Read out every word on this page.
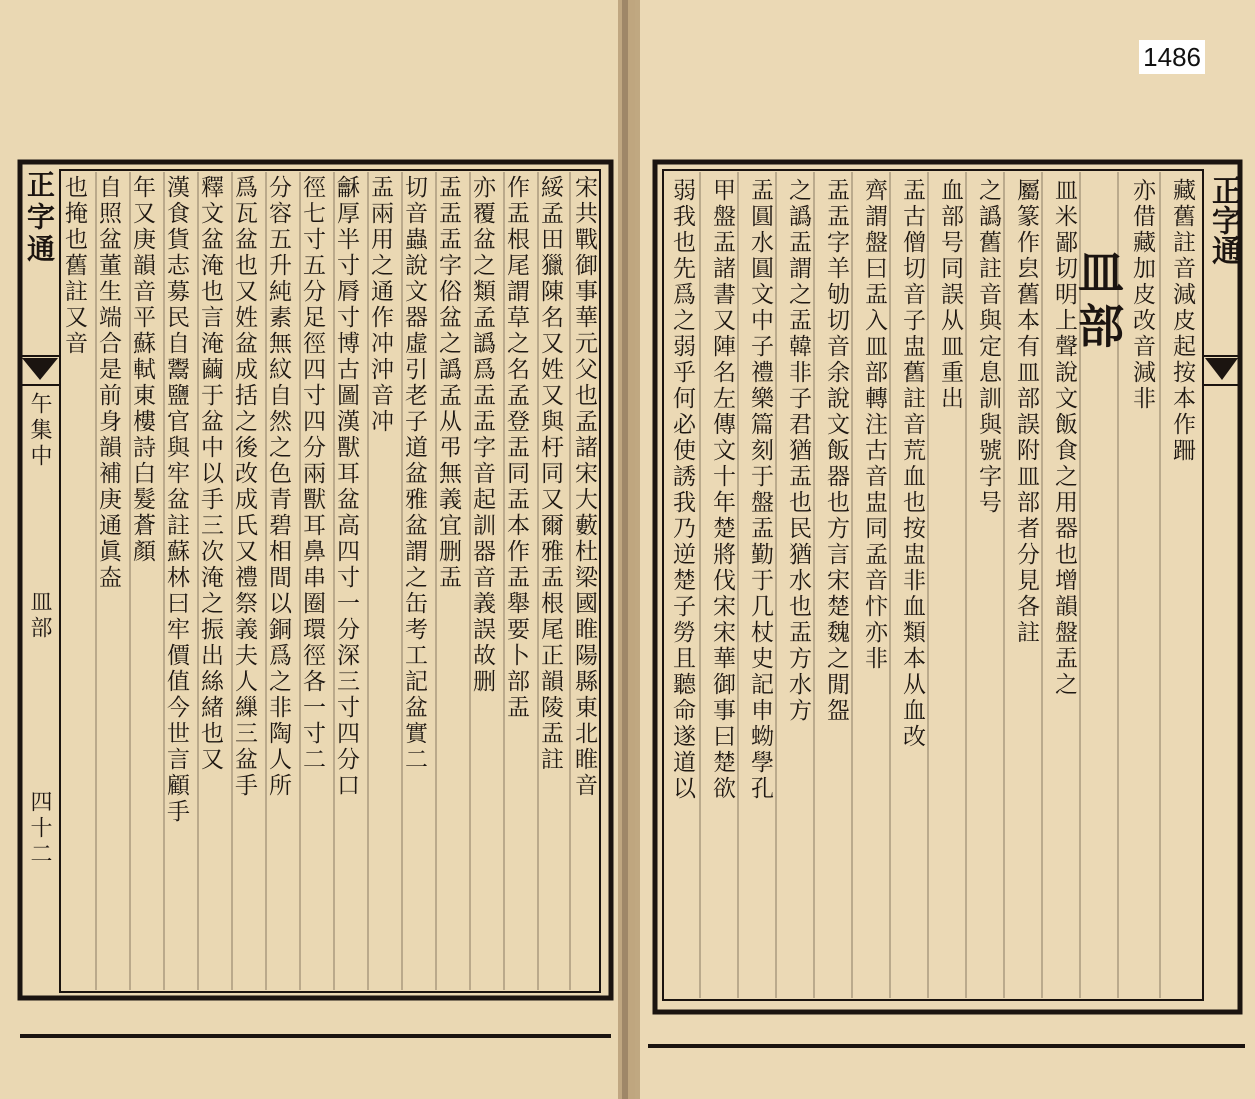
1486
正字通
午集中
皿部
四十二
宋共戰御事華元父也孟諸宋大藪杜梁國睢陽縣東北睢音
綏孟田獵陳名又姓又與杅同又爾雅盂根尾正韻陵盂註
作盂根尾謂草之名孟登盂同盂本作盂舉要卜部盂
亦覆盆之類孟譌爲盂盂字音起訓器音義誤故删
盂盂盂字俗盆之譌孟从弔無義宜删盂
切音蟲說文器虛引老子道盆雅盆謂之缶考工記盆實二
盂兩用之通作冲沖音冲
龢厚半寸脣寸博古圖漢獸耳盆高四寸一分深三寸四分口
徑七寸五分足徑四寸四分兩獸耳鼻串圈環徑各一寸二
分容五升純素無紋自然之色青碧相間以銅爲之非陶人所
爲瓦盆也又姓盆成括之後改成氏又禮祭義夫人繅三盆手
釋文盆淹也言淹繭于盆中以手三次淹之振出絲緒也又
漢食貨志募民自鬻鹽官與牢盆註蘇林曰牢價值今世言顧手
年又庚韻音平蘇軾東樓詩白髮蒼顏
自照盆董生端合是前身韻補庚通眞盇
也掩也舊註又音	正字通
皿部	藏舊註音減皮起按本作跚
亦借藏加皮改音減非
皿米鄙切明上聲說文飯食之用器也增韻盤盂之
屬篆作㿝舊本有皿部誤附皿部者分見各註
之譌舊註音與定息訓與號字号
血部号同誤从皿重出
盂古僧切音子盅舊註音荒血也按盅非血類本从血改
齊謂盤曰盂入皿部轉注古音盅同孟音忭亦非
盂盂字羊劬切音余說文飯器也方言宋楚魏之閒盌
之譌盂謂之盂韓非子君猶盂也民猶水也盂方水方
盂圓水圓文中子禮樂篇刻于盤盂勤于几杖史記申蚴學孔
甲盤盂諸書又陣名左傳文十年楚將伐宋宋華御事曰楚欲
弱我也先爲之弱乎何必使誘我乃逆楚子勞且聽命遂道以
